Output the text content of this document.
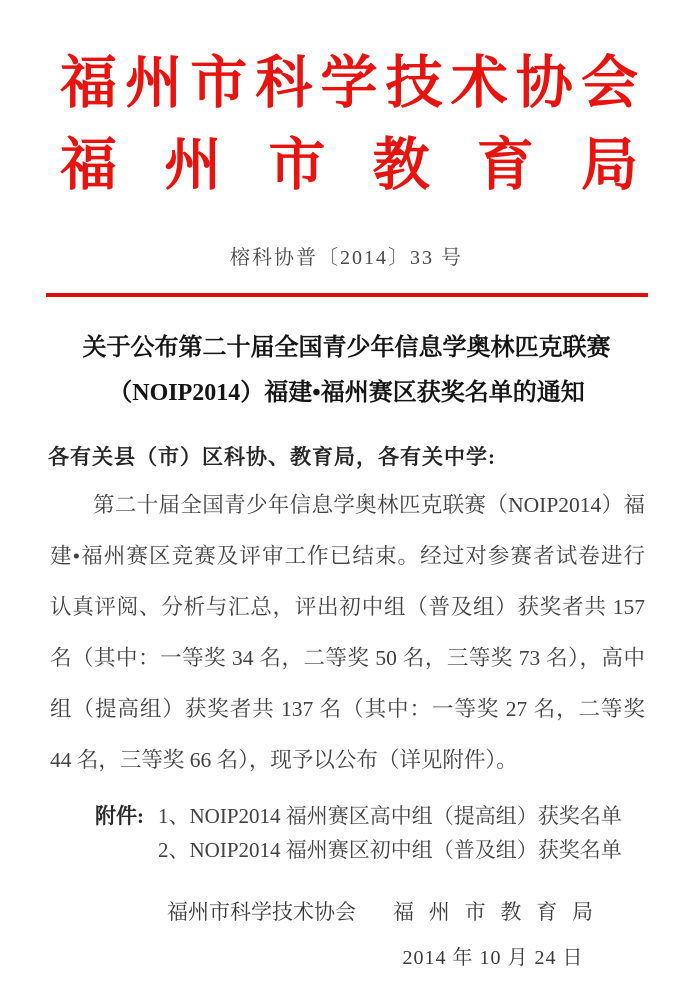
福 州 市 科 学 技 术 协 会
福 州 市 教 育 局
榕科协普〔2014〕33 号
关于公布第二十届全国青少年信息学奥林匹克联赛
（NOIP2014）福建•福州赛区获奖名单的通知
各有关县（市）区科协、教育局，各有关中学:
第二十届全国青少年信息学奥林匹克联赛（NOIP2014）福
建•福州赛区竞赛及评审工作已结束。经过对参赛者试卷进行
认真评阅、分析与汇总，评出初中组（普及组）获奖者共 157
名（其中：一等奖 34 名，二等奖 50 名，三等奖 73 名），高中
组（提高组）获奖者共 137 名（其中：一等奖 27 名，二等奖
44 名，三等奖 66 名），现予以公布（详见附件）。
附件: 1、NOIP2014 福州赛区高中组（提高组）获奖名单
2、NOIP2014 福州赛区初中组（普及组）获奖名单
福州市科学技术协会 福 州 市 教 育 局
2014 年 10 月 24 日
